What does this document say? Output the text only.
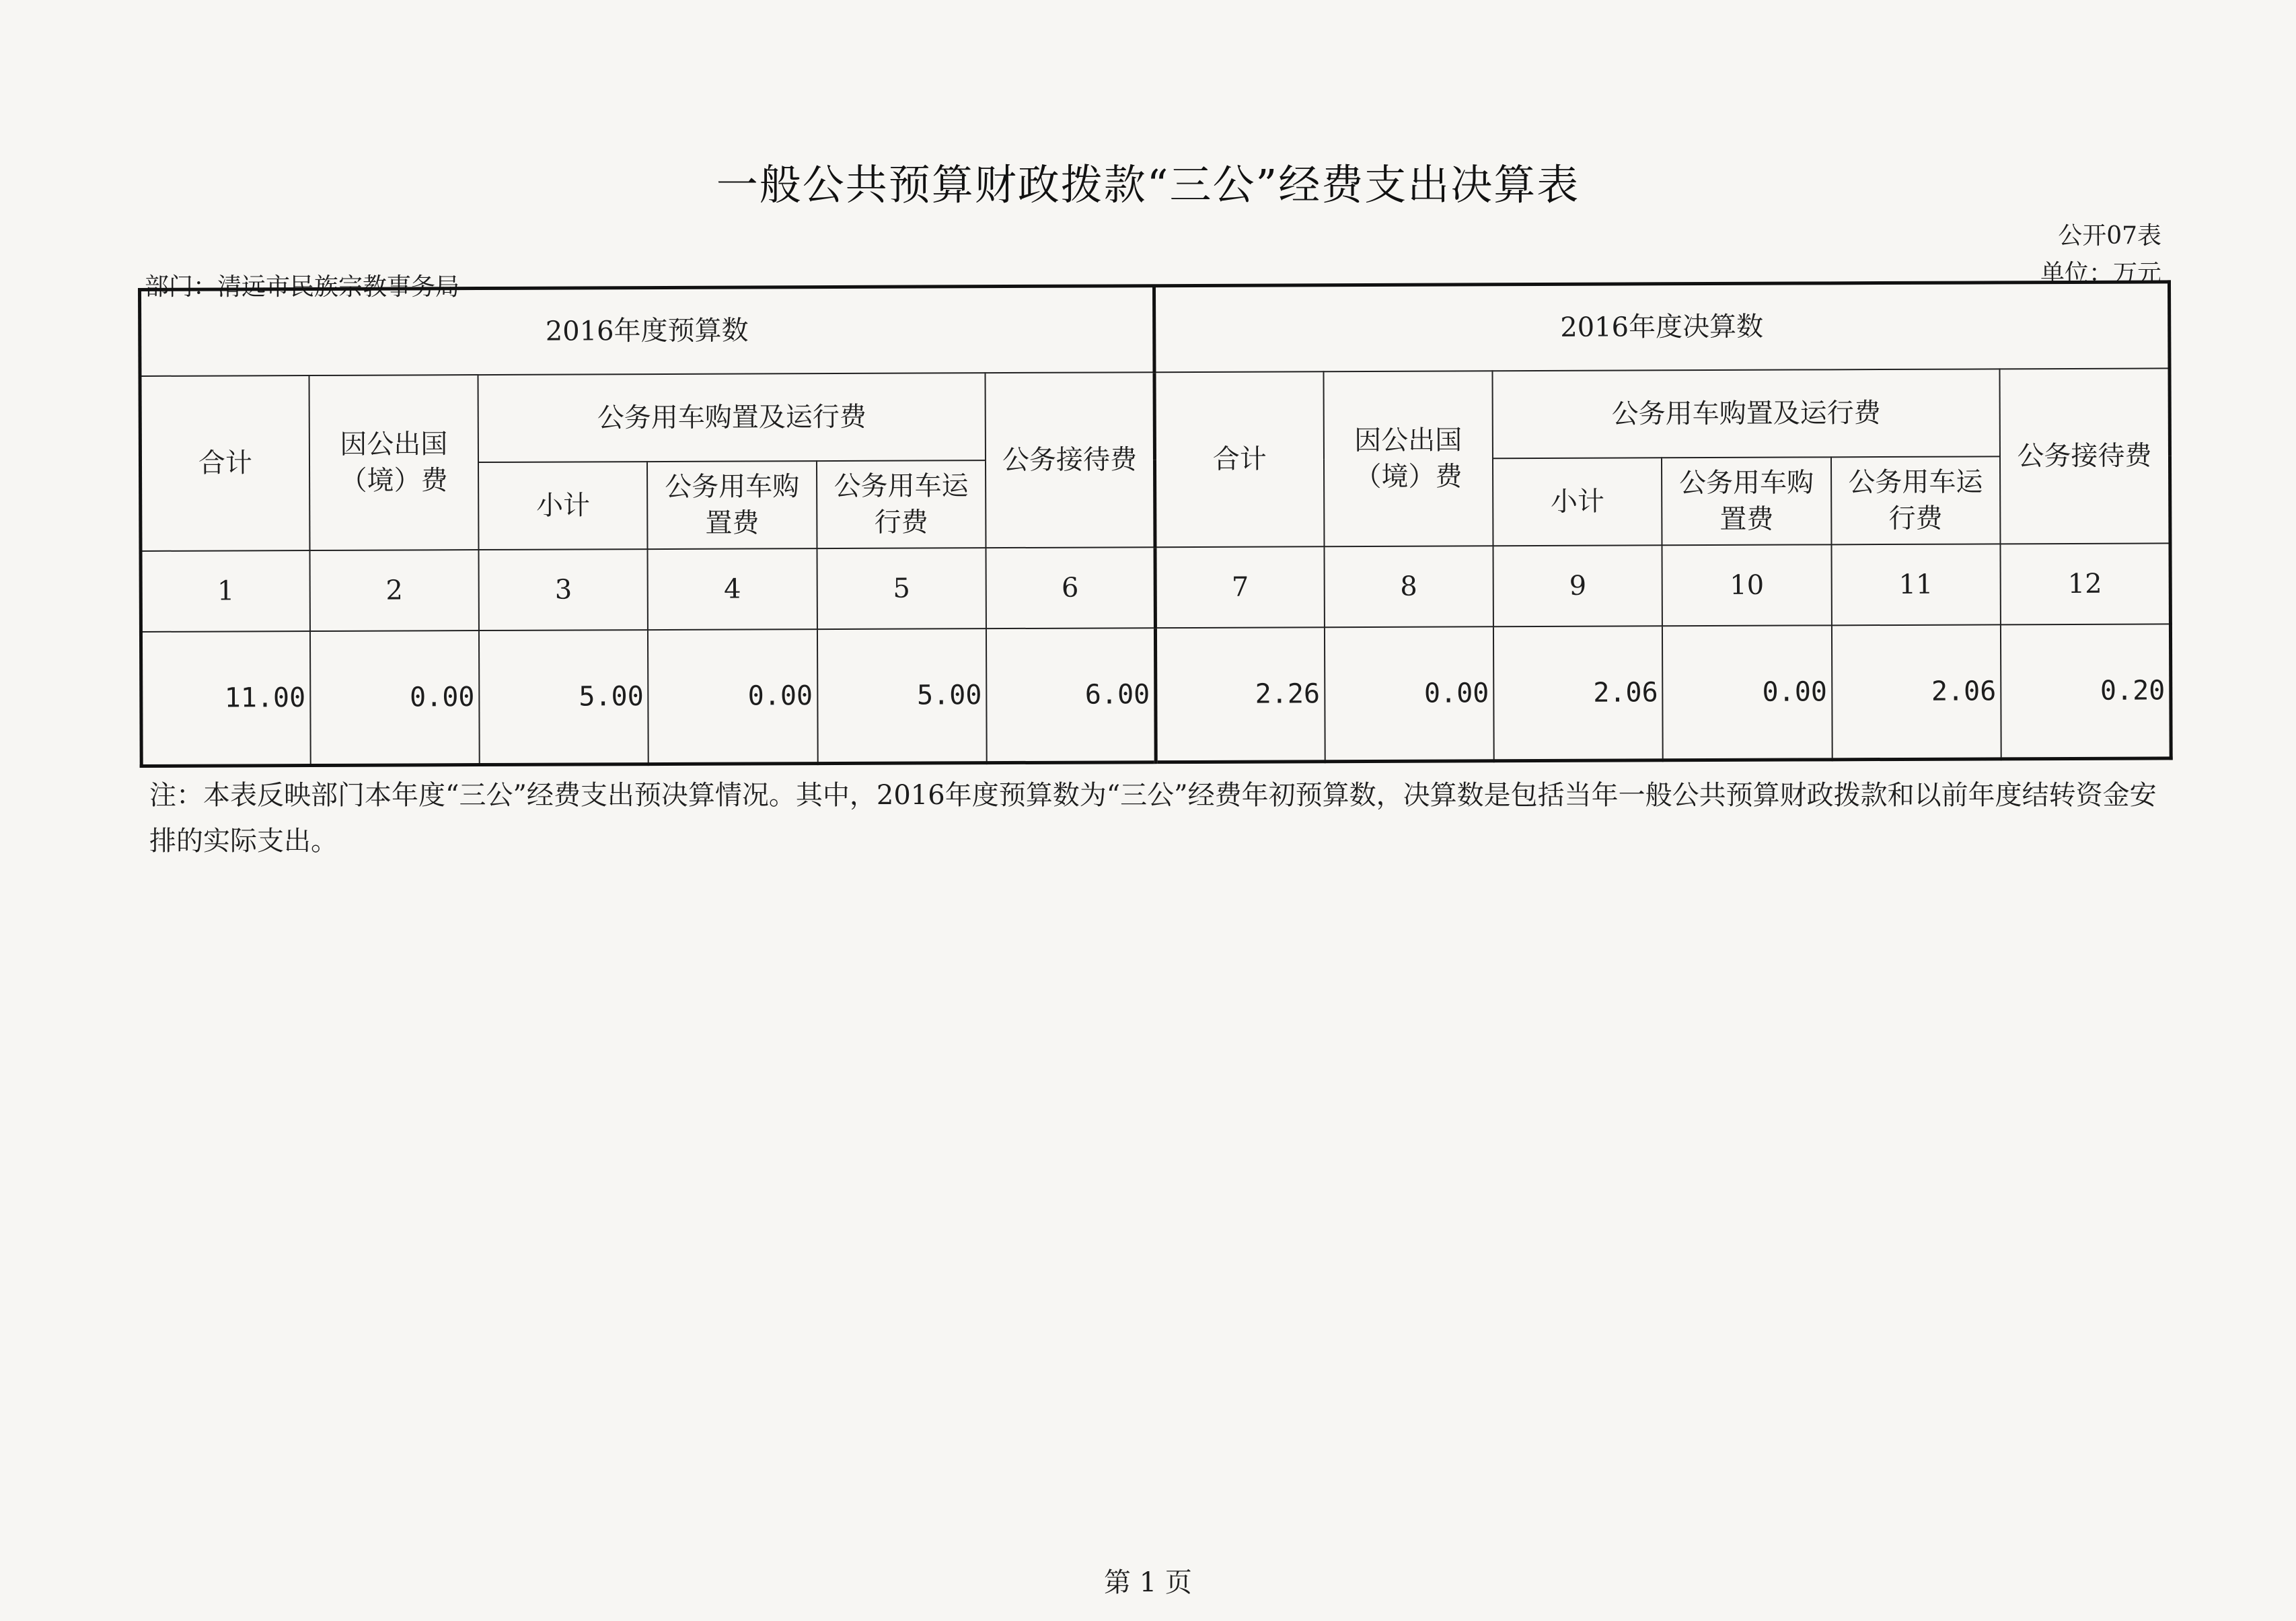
一般公共预算财政拨款“三公”经费支出决算表
公开07表
单位：万元
部门：清远市民族宗教事务局
2016年度预算数						2016年度决算数					
合计	因公出国（境）费	公务用车购置及运行费			公务接待费	合计	因公出国（境）费	公务用车购置及运行费			公务接待费
		小计	公务用车购置费	公务用车运行费				小计	公务用车购置费	公务用车运行费	
1	2	3	4	5	6	7	8	9	10	11	12
11.00	0.00	5.00	0.00	5.00	6.00	2.26	0.00	2.06	0.00	2.06	0.20
注：本表反映部门本年度“三公”经费支出预决算情况。其中，2016年度预算数为“三公”经费年初预算数，决算数是包括当年一般公共预算财政拨款和以前年度结转资金安排的实际支出。
第 1 页
